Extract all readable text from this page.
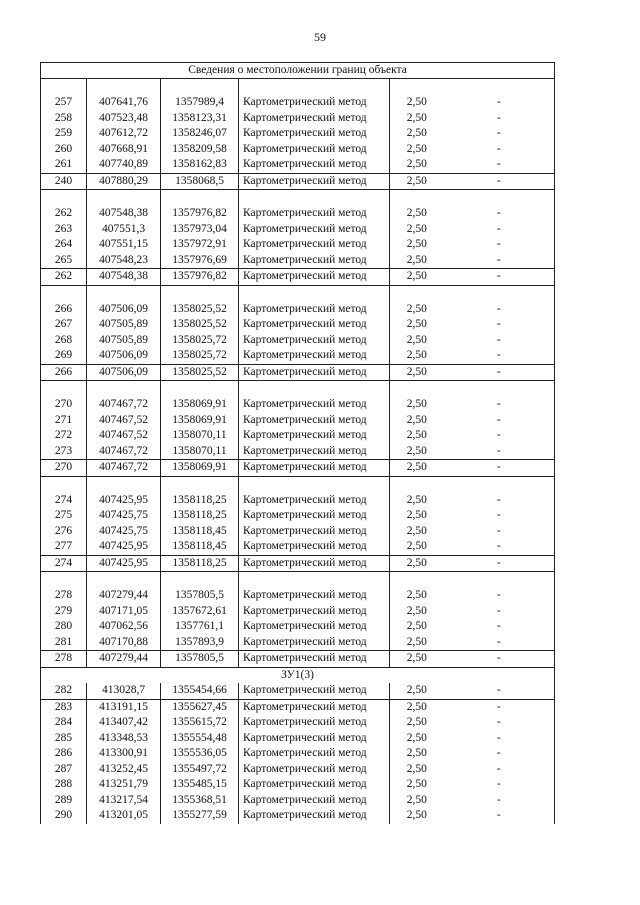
59
Сведения о местоположении границ объекта					

257	407641,76	1357989,4	Картометрический метод	2,50	-
258	407523,48	1358123,31	Картометрический метод	2,50	-
259	407612,72	1358246,07	Картометрический метод	2,50	-
260	407668,91	1358209,58	Картометрический метод	2,50	-
261	407740,89	1358162,83	Картометрический метод	2,50	-
240	407880,29	1358068,5	Картометрический метод	2,50	-

262	407548,38	1357976,82	Картометрический метод	2,50	-
263	407551,3	1357973,04	Картометрический метод	2,50	-
264	407551,15	1357972,91	Картометрический метод	2,50	-
265	407548,23	1357976,69	Картометрический метод	2,50	-
262	407548,38	1357976,82	Картометрический метод	2,50	-

266	407506,09	1358025,52	Картометрический метод	2,50	-
267	407505,89	1358025,52	Картометрический метод	2,50	-
268	407505,89	1358025,72	Картометрический метод	2,50	-
269	407506,09	1358025,72	Картометрический метод	2,50	-
266	407506,09	1358025,52	Картометрический метод	2,50	-

270	407467,72	1358069,91	Картометрический метод	2,50	-
271	407467,52	1358069,91	Картометрический метод	2,50	-
272	407467,52	1358070,11	Картометрический метод	2,50	-
273	407467,72	1358070,11	Картометрический метод	2,50	-
270	407467,72	1358069,91	Картометрический метод	2,50	-

274	407425,95	1358118,25	Картометрический метод	2,50	-
275	407425,75	1358118,25	Картометрический метод	2,50	-
276	407425,75	1358118,45	Картометрический метод	2,50	-
277	407425,95	1358118,45	Картометрический метод	2,50	-
274	407425,95	1358118,25	Картометрический метод	2,50	-

278	407279,44	1357805,5	Картометрический метод	2,50	-
279	407171,05	1357672,61	Картометрический метод	2,50	-
280	407062,56	1357761,1	Картометрический метод	2,50	-
281	407170,88	1357893,9	Картометрический метод	2,50	-
278	407279,44	1357805,5	Картометрический метод	2,50	-
ЗУ1(3)					
282	413028,7	1355454,66	Картометрический метод	2,50	-
283	413191,15	1355627,45	Картометрический метод	2,50	-
284	413407,42	1355615,72	Картометрический метод	2,50	-
285	413348,53	1355554,48	Картометрический метод	2,50	-
286	413300,91	1355536,05	Картометрический метод	2,50	-
287	413252,45	1355497,72	Картометрический метод	2,50	-
288	413251,79	1355485,15	Картометрический метод	2,50	-
289	413217,54	1355368,51	Картометрический метод	2,50	-
290	413201,05	1355277,59	Картометрический метод	2,50	-
